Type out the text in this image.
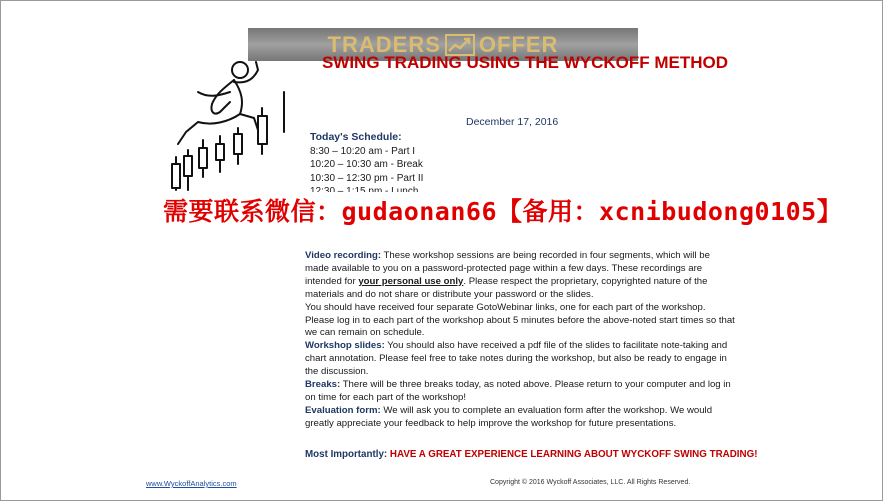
TRADERS OFFER
SWING TRADING USING THE WYCKOFF METHOD
December 17, 2016
Today's Schedule:
8:30 – 10:20 am - Part I
10:20 – 10:30 am - Break
10:30 – 12:30 pm - Part II
需要联系微信：gudaonan66【备用：xcnibudong0105】

Video recording: These workshop sessions are being recorded in four segments, which will be made available to you on a password-protected page within a few days. These recordings are intended for your personal use only. Please respect the proprietary, copyrighted nature of the materials and do not share or distribute your password or the slides.

You should have received four separate GotoWebinar links, one for each part of the workshop. Please log in to each part of the workshop about 5 minutes before the above-noted start times so that we can remain on schedule.

Workshop slides: You should also have received a pdf file of the slides to facilitate note-taking and chart annotation. Please feel free to take notes during the workshop, but also be ready to engage in the discussion.

Breaks: There will be three breaks today, as noted above. Please return to your computer and log in on time for each part of the workshop!

Evaluation form: We will ask you to complete an evaluation form after the workshop. We would greatly appreciate your feedback to help improve the workshop for future presentations.

Most Importantly: HAVE A GREAT EXPERIENCE LEARNING ABOUT WYCKOFF SWING TRADING!
www.WyckoffAnalytics.com	Copyright © 2016 Wyckoff Associates, LLC. All Rights Reserved.
